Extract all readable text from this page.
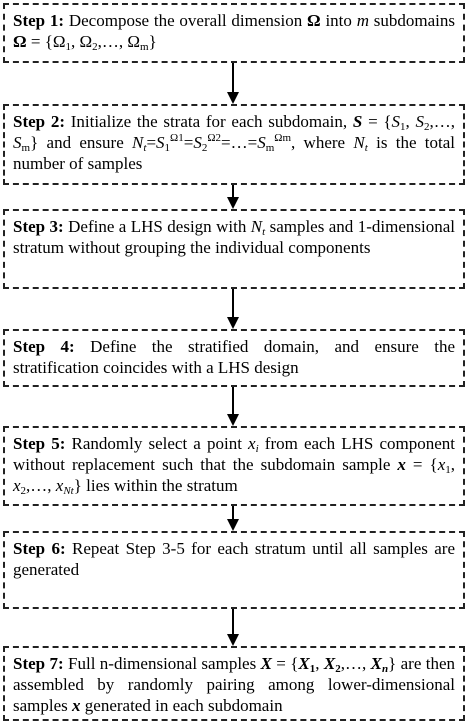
Step 1: Decompose the overall dimension Ω into m subdomains $\Omega = \{\Omega_1$, $\Omega_2,\dots$, $\Omega_m$}
Step 2: Initialize the strata for each subdomain, $S = \{S_1$, $S_2,\dots$, $S_m$} and ensure $N_t=S_1^{\Omega 1}=S_2^{\Omega 2}=\dots=S_m^{\Omega m}$, where $N_t$ is the total number of samples
Step 3: Define a LHS design with $N_t$ samples and 1-dimensional stratum without grouping the individual components
Step 4: Define the stratified domain, and ensure the stratification coincides with a LHS design
Step 5: Randomly select a point $x_i$ from each LHS component without replacement such that the subdomain sample $x = \{x_1$, $x_2,\dots$, $x_{Nt}$} lies within the stratum
Step 6: Repeat Step 3-5 for each stratum until all samples are generated
Step 7: Full n-dimensional samples $X = \{X_1$, $X_2,\dots$, $X_n$} are then assembled by randomly pairing among lower-dimensional samples x generated in each subdomain
